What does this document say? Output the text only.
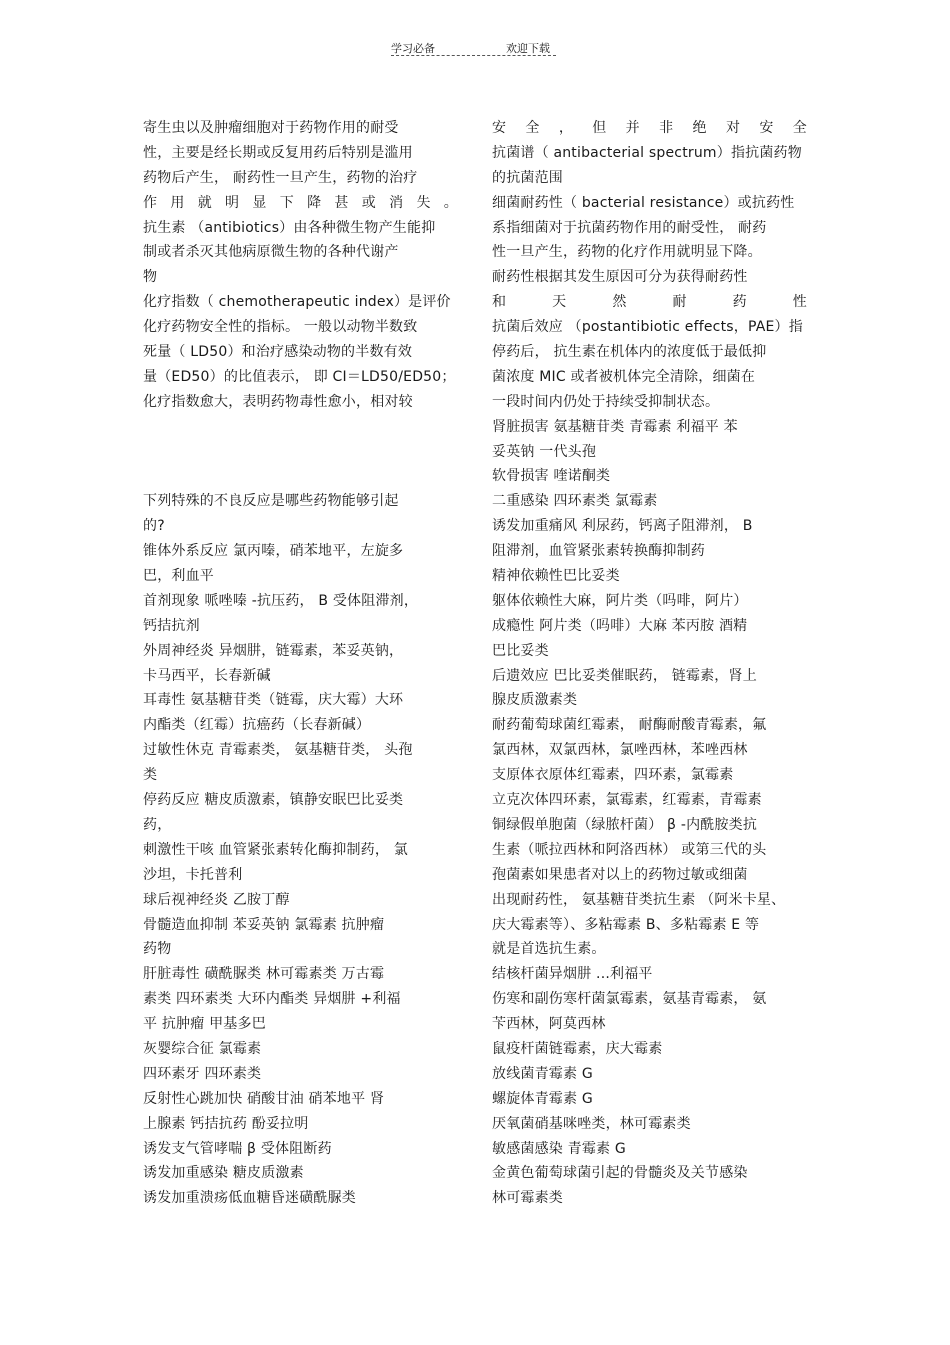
学习必备	欢迎下载
寄生虫以及肿瘤细胞对于药物作用的耐受
性，主要是经长期或反复用药后特别是滥用
药物后产生， 耐药性一旦产生，药物的治疗
作 用 就 明 显 下 降 甚 或 消 失 。
抗生素 （antibiotics）由各种微生物产生能抑
制或者杀灭其他病原微生物的各种代谢产
物
化疗指数（ chemotherapeutic index）是评价
化疗药物安全性的指标。 一般以动物半数致
死量（ LD50）和治疗感染动物的半数有效
量（ED50）的比值表示， 即 CI＝LD50/ED50；
化疗指数愈大，表明药物毒性愈小，相对较
下列特殊的不良反应是哪些药物能够引起
的?
锥体外系反应 氯丙嗪，硝苯地平，左旋多
巴，利血平
首剂现象 哌唑嗪 -抗压药， B 受体阻滞剂，
钙拮抗剂
外周神经炎 异烟肼，链霉素，苯妥英钠，
卡马西平，长春新碱
耳毒性 氨基糖苷类（链霉，庆大霉）大环
内酯类（红霉）抗癌药（长春新碱）
过敏性休克 青霉素类， 氨基糖苷类， 头孢
类
停药反应 糖皮质激素，镇静安眠巴比妥类
药，
刺激性干咳 血管紧张素转化酶抑制药， 氯
沙坦，卡托普利
球后视神经炎 乙胺丁醇
骨髓造血抑制 苯妥英钠 氯霉素 抗肿瘤
药物
肝脏毒性 磺酰脲类 林可霉素类 万古霉
素类 四环素类 大环内酯类 异烟肼 +利福
平 抗肿瘤 甲基多巴
灰婴综合征 氯霉素
四环素牙 四环素类
反射性心跳加快 硝酸甘油 硝苯地平 肾
上腺素 钙拮抗药 酚妥拉明
诱发支气管哮喘 β 受体阻断药
诱发加重感染 糖皮质激素
诱发加重溃疡低血糖昏迷磺酰脲类
安 全 ， 但 并 非 绝 对 安 全
抗菌谱（ antibacterial spectrum）指抗菌药物
的抗菌范围
细菌耐药性（ bacterial resistance）或抗药性
系指细菌对于抗菌药物作用的耐受性， 耐药
性一旦产生，药物的化疗作用就明显下降。
耐药性根据其发生原因可分为获得耐药性
和 天 然 耐 药 性
抗菌后效应 （postantibiotic effects，PAE）指
停药后， 抗生素在机体内的浓度低于最低抑
菌浓度 MIC 或者被机体完全清除，细菌在
一段时间内仍处于持续受抑制状态。
肾脏损害 氨基糖苷类 青霉素 利福平 苯
妥英钠 一代头孢
软骨损害 喹诺酮类
二重感染 四环素类 氯霉素
诱发加重痛风 利尿药，钙离子阻滞剂， B
阻滞剂，血管紧张素转换酶抑制药
精神依赖性巴比妥类
躯体依赖性大麻，阿片类（吗啡，阿片）
成瘾性 阿片类（吗啡）大麻 苯丙胺 酒精
巴比妥类
后遗效应 巴比妥类催眠药， 链霉素，肾上
腺皮质激素类
耐药葡萄球菌红霉素， 耐酶耐酸青霉素，氟
氯西林，双氯西林，氯唑西林，苯唑西林
支原体衣原体红霉素，四环素，氯霉素
立克次体四环素，氯霉素，红霉素，青霉素
铜绿假单胞菌（绿脓杆菌） β -内酰胺类抗
生素（哌拉西林和阿洛西林） 或第三代的头
孢菌素如果患者对以上的药物过敏或细菌
出现耐药性， 氨基糖苷类抗生素 （阿米卡星、
庆大霉素等）、多粘霉素 B、多粘霉素 E 等
就是首选抗生素。
结核杆菌异烟肼 ...利福平
伤寒和副伤寒杆菌氯霉素，氨基青霉素， 氨
苄西林，阿莫西林
鼠疫杆菌链霉素，庆大霉素
放线菌青霉素 G
螺旋体青霉素 G
厌氧菌硝基咪唑类，林可霉素类
敏感菌感染 青霉素 G
金黄色葡萄球菌引起的骨髓炎及关节感染
林可霉素类
